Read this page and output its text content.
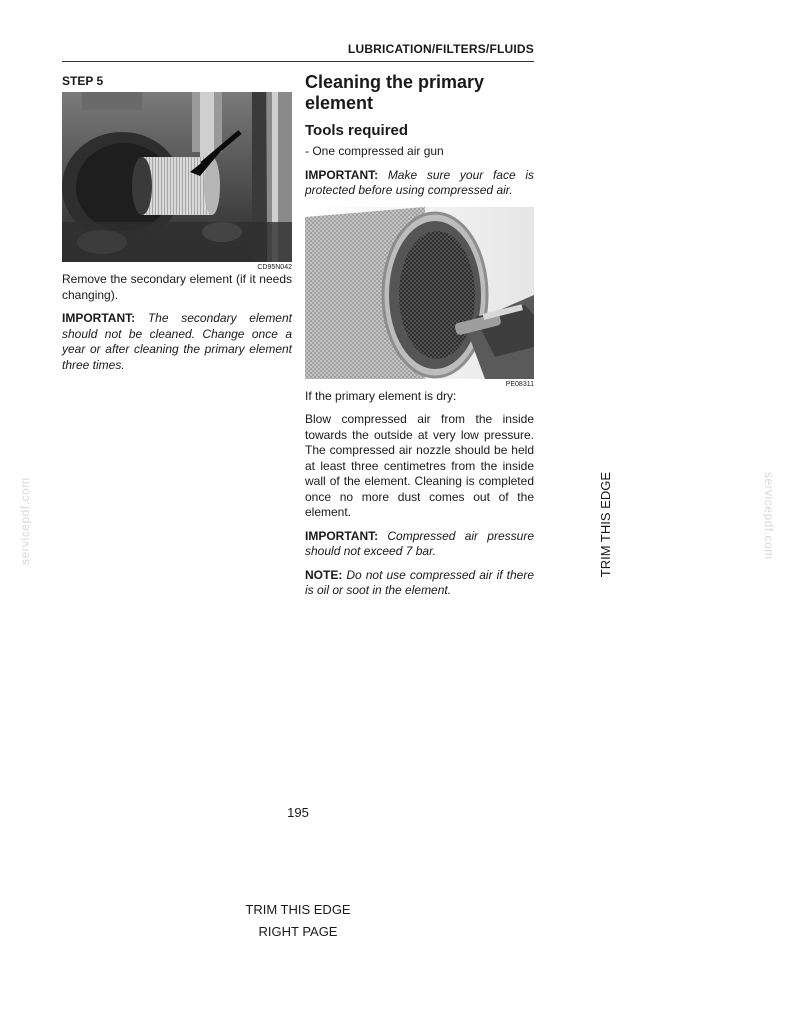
LUBRICATION/FILTERS/FLUIDS
STEP 5
CD95N042

Remove the secondary element (if it needs changing).

IMPORTANT: The secondary element should not be cleaned. Change once a year or after cleaning the primary element three times.

Cleaning the primary element
Tools required
- One compressed air gun

IMPORTANT: Make sure your face is protected before using compressed air.

PE08311

If the primary element is dry:

Blow compressed air from the inside towards the outside at very low pressure. The compressed air nozzle should be held at least three centimetres from the inside wall of the element. Cleaning is completed once no more dust comes out of the element.

IMPORTANT: Compressed air pressure should not exceed 7 bar.

NOTE: Do not use compressed air if there is oil or soot in the element.

TRIM THIS EDGE
195
TRIM THIS EDGE
RIGHT PAGE
servicepdf.com	servicepdf.com
